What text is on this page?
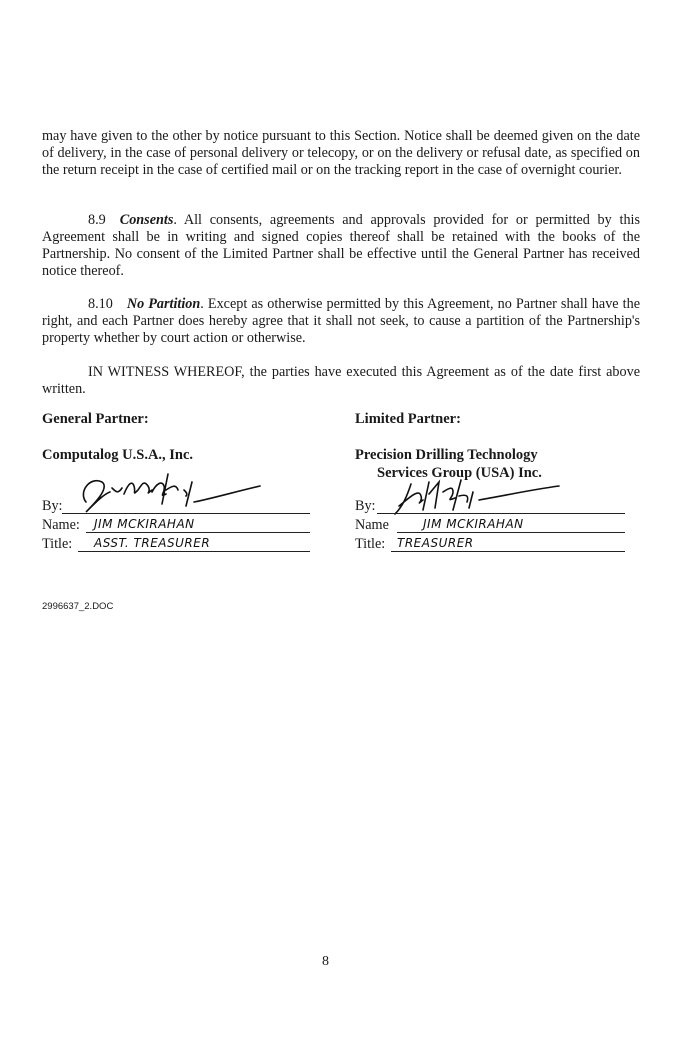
may have given to the other by notice pursuant to this Section. Notice shall be deemed given on the date of delivery, in the case of personal delivery or telecopy, or on the delivery or refusal date, as specified on the return receipt in the case of certified mail or on the tracking report in the case of overnight courier.

8.9 Consents. All consents, agreements and approvals provided for or permitted by this Agreement shall be in writing and signed copies thereof shall be retained with the books of the Partnership. No consent of the Limited Partner shall be effective until the General Partner has received notice thereof.

8.10 No Partition. Except as otherwise permitted by this Agreement, no Partner shall have the right, and each Partner does hereby agree that it shall not seek, to cause a partition of the Partnership's property whether by court action or otherwise.

IN WITNESS WHEREOF, the parties have executed this Agreement as of the date first above written.

General Partner:
Computalog U.S.A., Inc.
By:
Name: JIM MCKIRAHAN
Title: ASST. TREASURER
Limited Partner:
Precision Drilling Technology
Services Group (USA) Inc.
By:
Name	JIM MCKIRAHAN
Title: TREASURER
2996637_2.DOC
8
